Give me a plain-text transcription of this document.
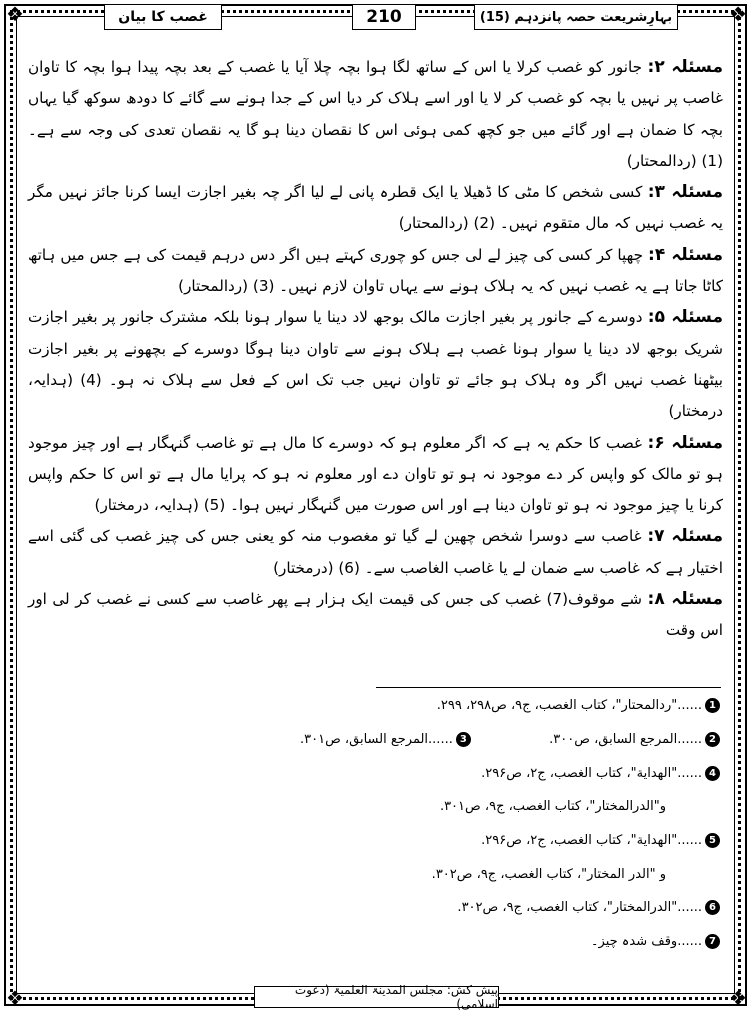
❖	❖
❖	❖
غصب کا بیان	210	بہارِشریعت حصہ پانزدہم (15)

مسئلہ ۲: جانور کو غصب کرلا یا اس کے ساتھ لگا ہوا بچہ چلا آیا یا غصب کے بعد بچہ پیدا ہوا بچہ کا تاوان غاصب پر نہیں یا بچہ کو غصب کر لا یا اور اسے ہلاک کر دیا اس کے جدا ہونے سے گائے کا دودھ سوکھ گیا یہاں بچہ کا ضمان ہے اور گائے میں جو کچھ کمی ہوئی اس کا نقصان دینا ہو گا یہ نقصان تعدی کی وجہ سے ہے۔ (1) (ردالمحتار)

مسئلہ ۳: کسی شخص کا مٹی کا ڈھیلا یا ایک قطرہ پانی لے لیا اگر چہ بغیر اجازت ایسا کرنا جائز نہیں مگر یہ غصب نہیں کہ مال متقوم نہیں۔ (2) (ردالمحتار)

مسئلہ ۴: چھپا کر کسی کی چیز لے لی جس کو چوری کہتے ہیں اگر دس درہم قیمت کی ہے جس میں ہاتھ کاٹا جاتا ہے یہ غصب نہیں کہ یہ ہلاک ہونے سے یہاں تاوان لازم نہیں۔ (3) (ردالمحتار)

مسئلہ ۵: دوسرے کے جانور پر بغیر اجازت مالک بوجھ لاد دینا یا سوار ہونا بلکہ مشترک جانور پر بغیر اجازت شریک بوجھ لاد دینا یا سوار ہونا غصب ہے ہلاک ہونے سے تاوان دینا ہوگا دوسرے کے بچھونے پر بغیر اجازت بیٹھنا غصب نہیں اگر وہ ہلاک ہو جائے تو تاوان نہیں جب تک اس کے فعل سے ہلاک نہ ہو۔ (4) (ہدایہ، درمختار)

مسئلہ ۶: غصب کا حکم یہ ہے کہ اگر معلوم ہو کہ دوسرے کا مال ہے تو غاصب گنہگار ہے اور چیز موجود ہو تو مالک کو واپس کر دے موجود نہ ہو تو تاوان دے اور معلوم نہ ہو کہ پرایا مال ہے تو اس کا حکم واپس کرنا یا چیز موجود نہ ہو تو تاوان دینا ہے اور اس صورت میں گنہگار نہیں ہوا۔ (5) (ہدایہ، درمختار)

مسئلہ ۷: غاصب سے دوسرا شخص چھین لے گیا تو مغصوب منہ کو یعنی جس کی چیز غصب کی گئی اسے اختیار ہے کہ غاصب سے ضمان لے یا غاصب الغاصب سے۔ (6) (درمختار)

مسئلہ ۸: شے موقوف(7) غصب کی جس کی قیمت ایک ہزار ہے پھر غاصب سے کسی نے غصب کر لی اور اس وقت

1......"ردالمحتار"، کتاب الغصب، ج۹، ص۲۹۸، ۲۹۹.
2......المرجع السابق، ص۳۰۰.  3......المرجع السابق، ص۳۰۱.
4......"الهداية"، کتاب الغصب، ج۲، ص۲۹۶.
و"الدرالمختار"، کتاب الغصب، ج۹، ص۳۰۱.
5......"الهداية"، کتاب الغصب، ج۲، ص۲۹۶.
و "الدر المختار"، کتاب الغصب، ج۹، ص۳۰۲.
6......"الدرالمختار"، کتاب الغصب، ج۹، ص۳۰۲.
7......وقف شدہ چیز۔
پیش کش: مجلس المدینۃ العلمیۃ (دعوت اسلامی)
